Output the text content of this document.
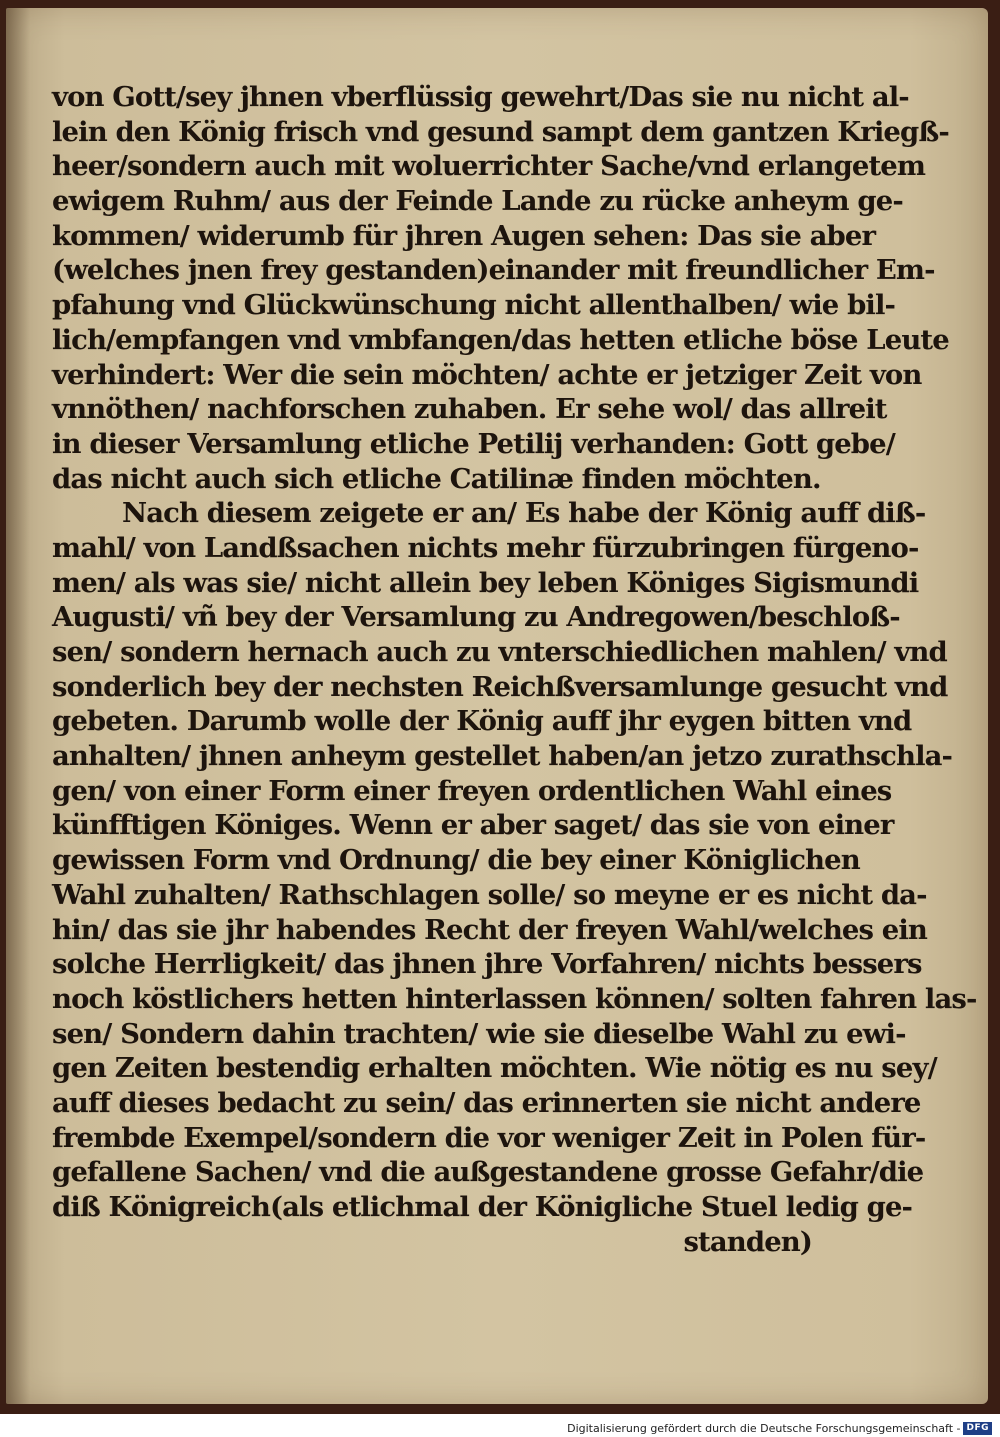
von Gott/sey jhnen vberflüssig gewehrt/Das sie nu nicht al-
lein den König frisch vnd gesund sampt dem gantzen Kriegß-
heer/sondern auch mit woluerrichter Sache/vnd erlangetem
ewigem Ruhm/ aus der Feinde Lande zu rücke anheym ge-
kommen/ widerumb für jhren Augen sehen: Das sie aber
(welches jnen frey gestanden)einander mit freundlicher Em-
pfahung vnd Glückwünschung nicht allenthalben/ wie bil-
lich/empfangen vnd vmbfangen/das hetten etliche böse Leute
verhindert: Wer die sein möchten/ achte er jetziger Zeit von
vnnöthen/ nachforschen zuhaben. Er sehe wol/ das allreit
in dieser Versamlung etliche Petilij verhanden: Gott gebe/
das nicht auch sich etliche Catilinæ finden möchten.
Nach diesem zeigete er an/ Es habe der König auff diß-
mahl/ von Landßsachen nichts mehr fürzubringen fürgeno-
men/ als was sie/ nicht allein bey leben Königes Sigismundi
Augusti/ vñ bey der Versamlung zu Andregowen/beschloß-
sen/ sondern hernach auch zu vnterschiedlichen mahlen/ vnd
sonderlich bey der nechsten Reichßversamlunge gesucht vnd
gebeten. Darumb wolle der König auff jhr eygen bitten vnd
anhalten/ jhnen anheym gestellet haben/an jetzo zurathschla-
gen/ von einer Form einer freyen ordentlichen Wahl eines
künfftigen Königes. Wenn er aber saget/ das sie von einer
gewissen Form vnd Ordnung/ die bey einer Königlichen
Wahl zuhalten/ Rathschlagen solle/ so meyne er es nicht da-
hin/ das sie jhr habendes Recht der freyen Wahl/welches ein
solche Herrligkeit/ das jhnen jhre Vorfahren/ nichts bessers
noch köstlichers hetten hinterlassen können/ solten fahren las-
sen/ Sondern dahin trachten/ wie sie dieselbe Wahl zu ewi-
gen Zeiten bestendig erhalten möchten. Wie nötig es nu sey/
auff dieses bedacht zu sein/ das erinnerten sie nicht andere
frembde Exempel/sondern die vor weniger Zeit in Polen für-
gefallene Sachen/ vnd die außgestandene grosse Gefahr/die
diß Königreich(als etlichmal der Königliche Stuel ledig ge-
standen)
Digitalisierung gefördert durch die Deutsche Forschungsgemeinschaft - DFG
